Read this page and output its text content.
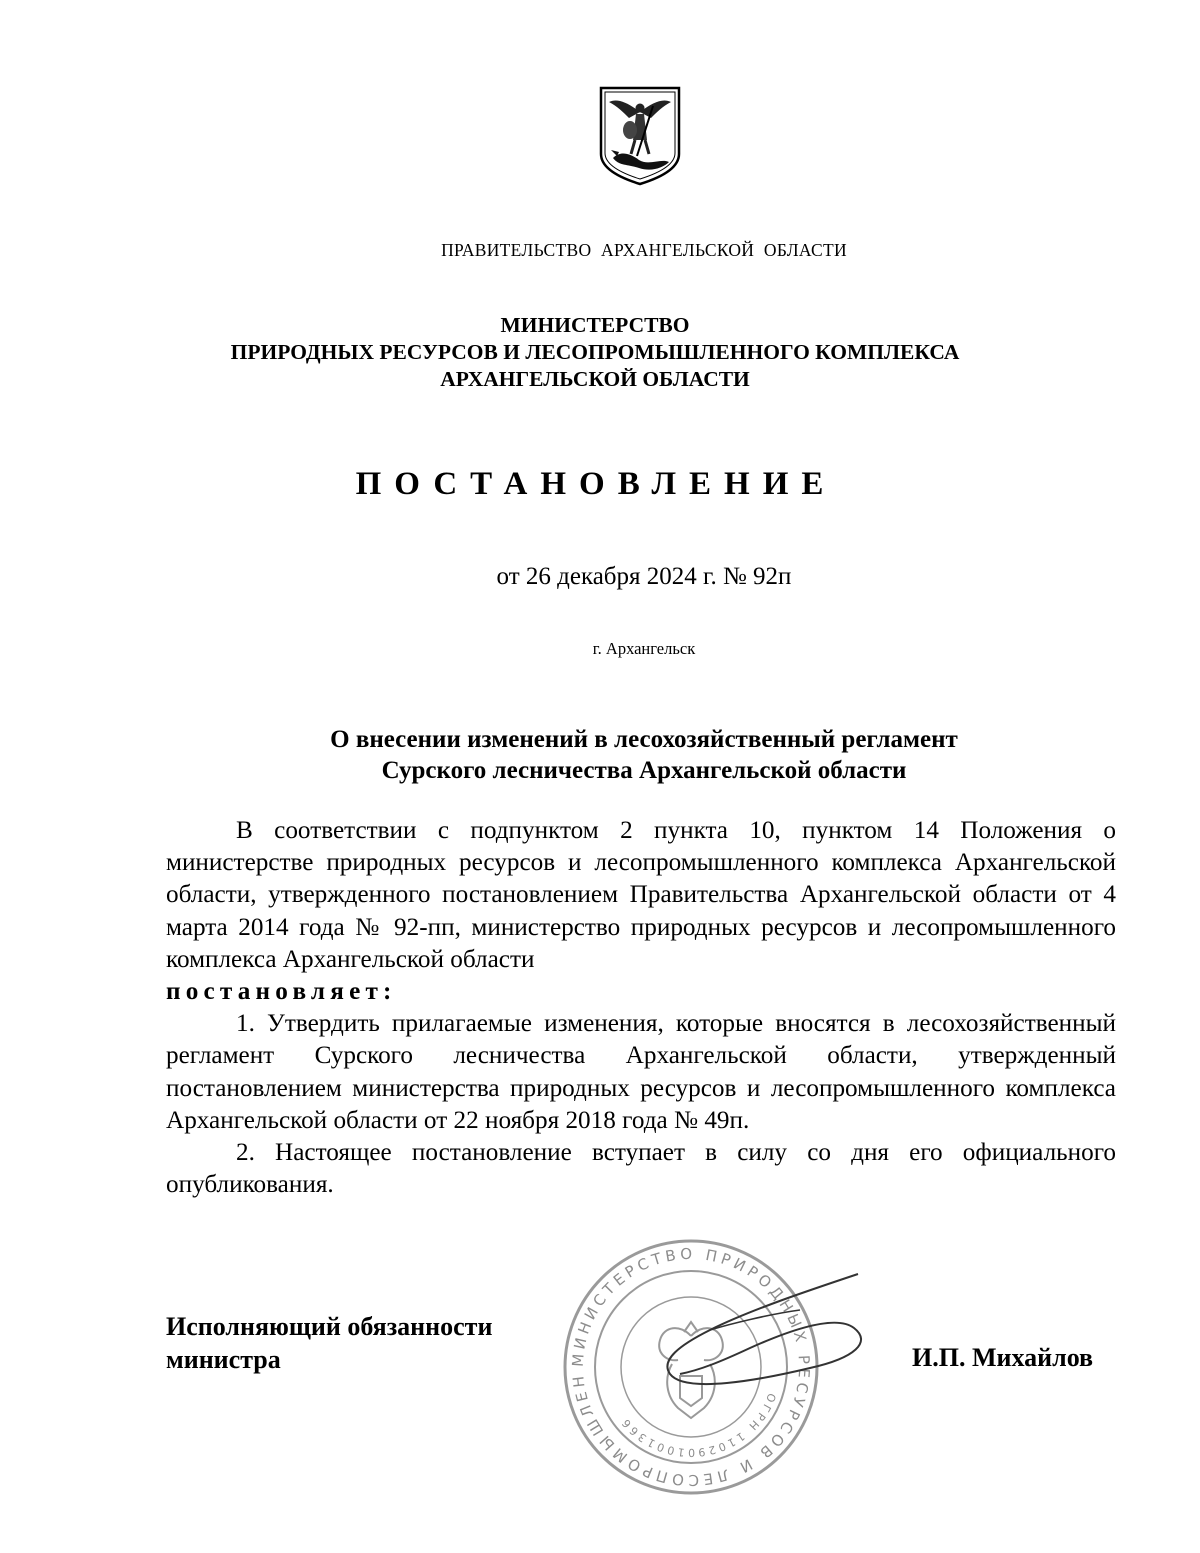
ПРАВИТЕЛЬСТВО АРХАНГЕЛЬСКОЙ ОБЛАСТИ
МИНИСТЕРСТВО
ПРИРОДНЫХ РЕСУРСОВ И ЛЕСОПРОМЫШЛЕННОГО КОМПЛЕКСА
АРХАНГЕЛЬСКОЙ ОБЛАСТИ
ПОСТАНОВЛЕНИЕ
от 26 декабря 2024 г. № 92п
г. Архангельск
О внесении изменений в лесохозяйственный регламент
Сурского лесничества Архангельской области

В соответствии с подпунктом 2 пункта 10, пунктом 14 Положения о министерстве природных ресурсов и лесопромышленного комплекса Архангельской области, утвержденного постановлением Правительства Архангельской области от 4 марта 2014 года № 92-пп, министерство природных ресурсов и лесопромышленного комплекса Архангельской области

постановляет:

1. Утвердить прилагаемые изменения, которые вносятся в лесохозяйственный регламент Сурского лесничества Архангельской области, утвержденный постановлением министерства природных ресурсов и лесопромышленного комплекса Архангельской области от 22 ноября 2018 года № 49п.

2. Настоящее постановление вступает в силу со дня его официального опубликования.

МИНИСТЕРСТВО ПРИРОДНЫХ РЕСУРСОВ И ЛЕСОПРОМЫШЛЕН
ОГРН 1102901001366
Исполняющий обязанности
министра	И.П. Михайлов
